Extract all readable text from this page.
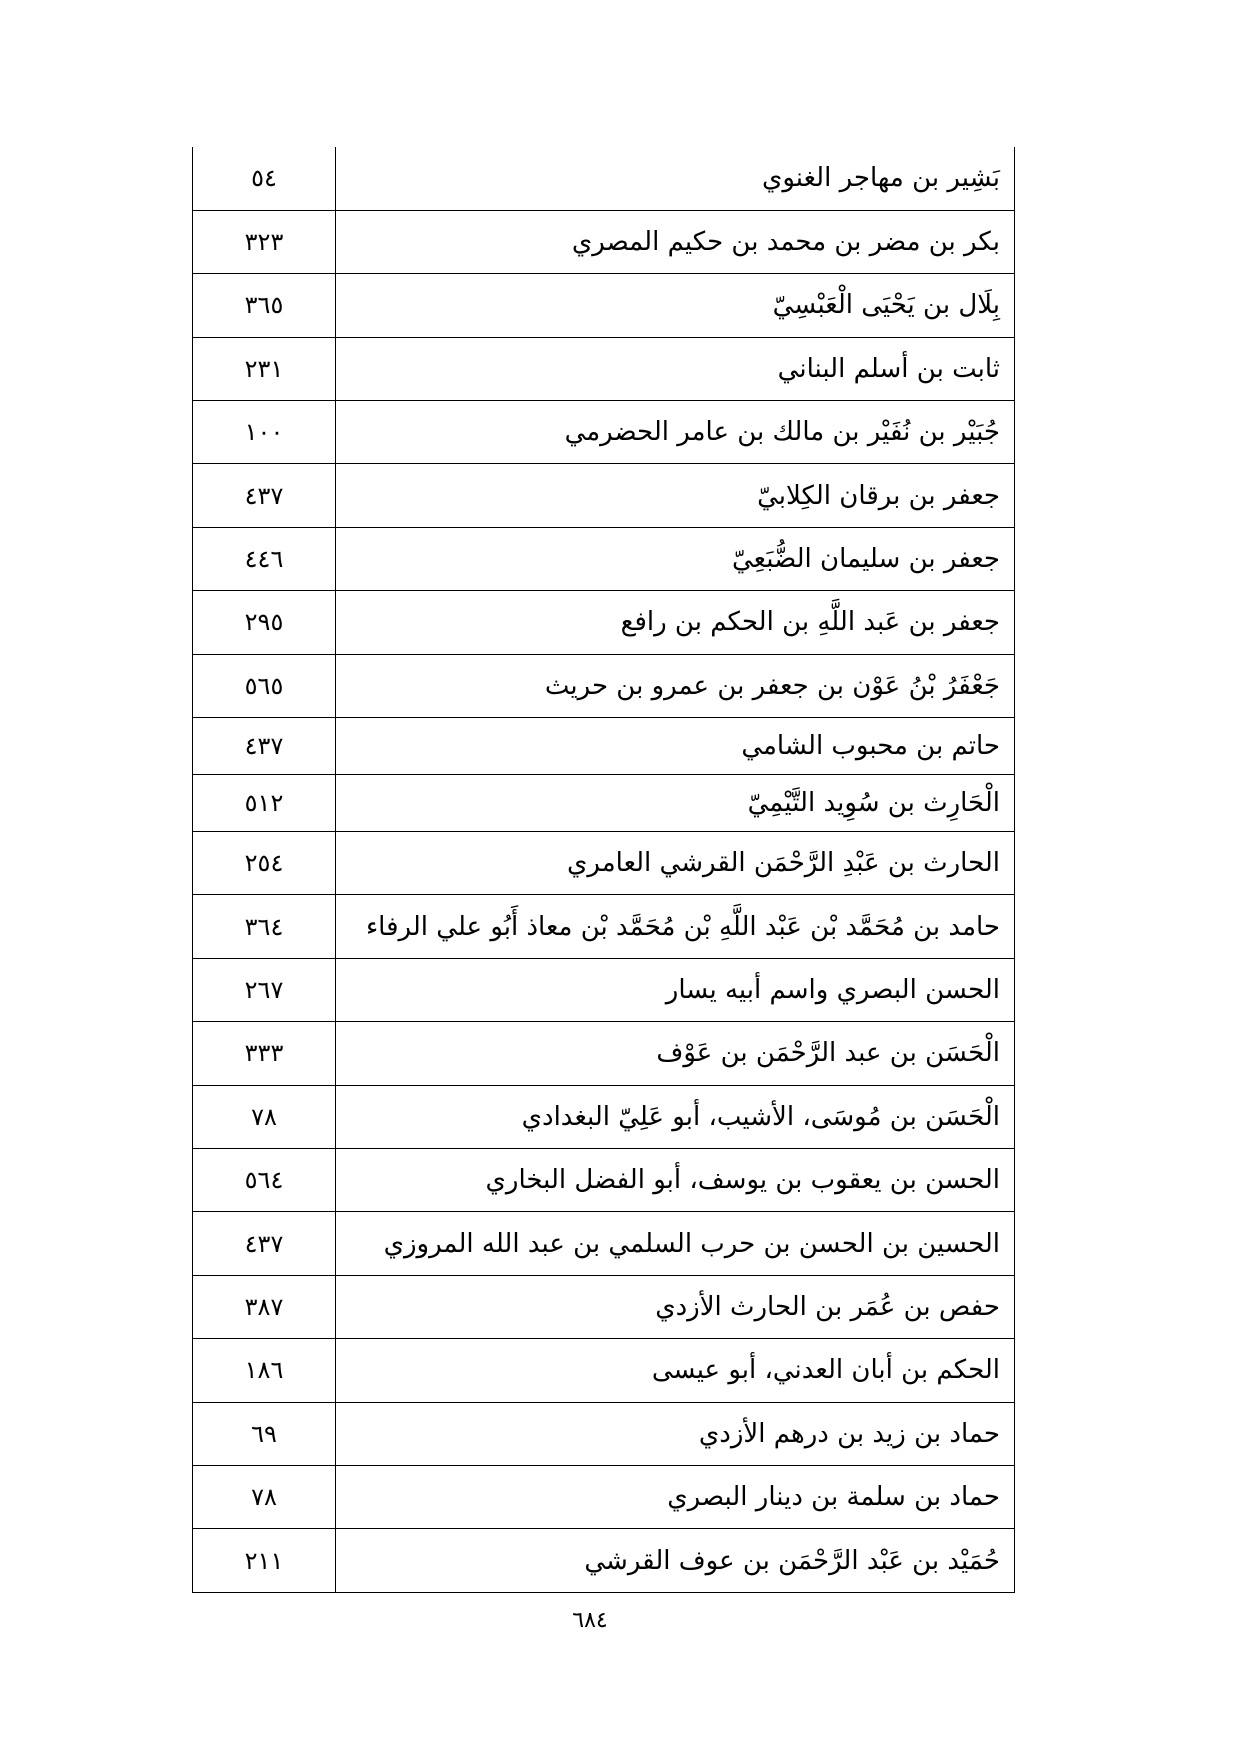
بَشِير بن مهاجر الغنوي	٥٤
بكر بن مضر بن محمد بن حكيم المصري	٣٢٣
بِلَال بن يَحْيَى الْعَبْسِيّ	٣٦٥
ثابت بن أسلم البناني	٢٣١
جُبَيْر بن نُفَيْر بن مالك بن عامر الحضرمي	١٠٠
جعفر بن برقان الكِلابيّ	٤٣٧
جعفر بن سليمان الضُّبَعِيّ	٤٤٦
جعفر بن عَبد اللَّهِ بن الحكم بن رافع	٢٩٥
جَعْفَرُ بْنُ عَوْن بن جعفر بن عمرو بن حريث	٥٦٥
حاتم بن محبوب الشامي	٤٣٧
الْحَارِث بن سُوِيد التَّيْمِيّ	٥١٢
الحارث بن عَبْدِ الرَّحْمَن القرشي العامري	٢٥٤
حامد بن مُحَمَّد بْن عَبْد اللَّهِ بْن مُحَمَّد بْن معاذ أَبُو علي الرفاء	٣٦٤
الحسن البصري واسم أبيه يسار	٢٦٧
الْحَسَن بن عبد الرَّحْمَن بن عَوْف	٣٣٣
الْحَسَن بن مُوسَى، الأشيب، أبو عَلِيّ البغدادي	٧٨
الحسن بن يعقوب بن يوسف، أبو الفضل البخاري	٥٦٤
الحسين بن الحسن بن حرب السلمي بن عبد الله المروزي	٤٣٧
حفص بن عُمَر بن الحارث الأزدي	٣٨٧
الحكم بن أبان العدني، أبو عيسى	١٨٦
حماد بن زيد بن درهم الأزدي	٦٩
حماد بن سلمة بن دينار البصري	٧٨
حُمَيْد بن عَبْد الرَّحْمَن بن عوف القرشي	٢١١
٦٨٤
